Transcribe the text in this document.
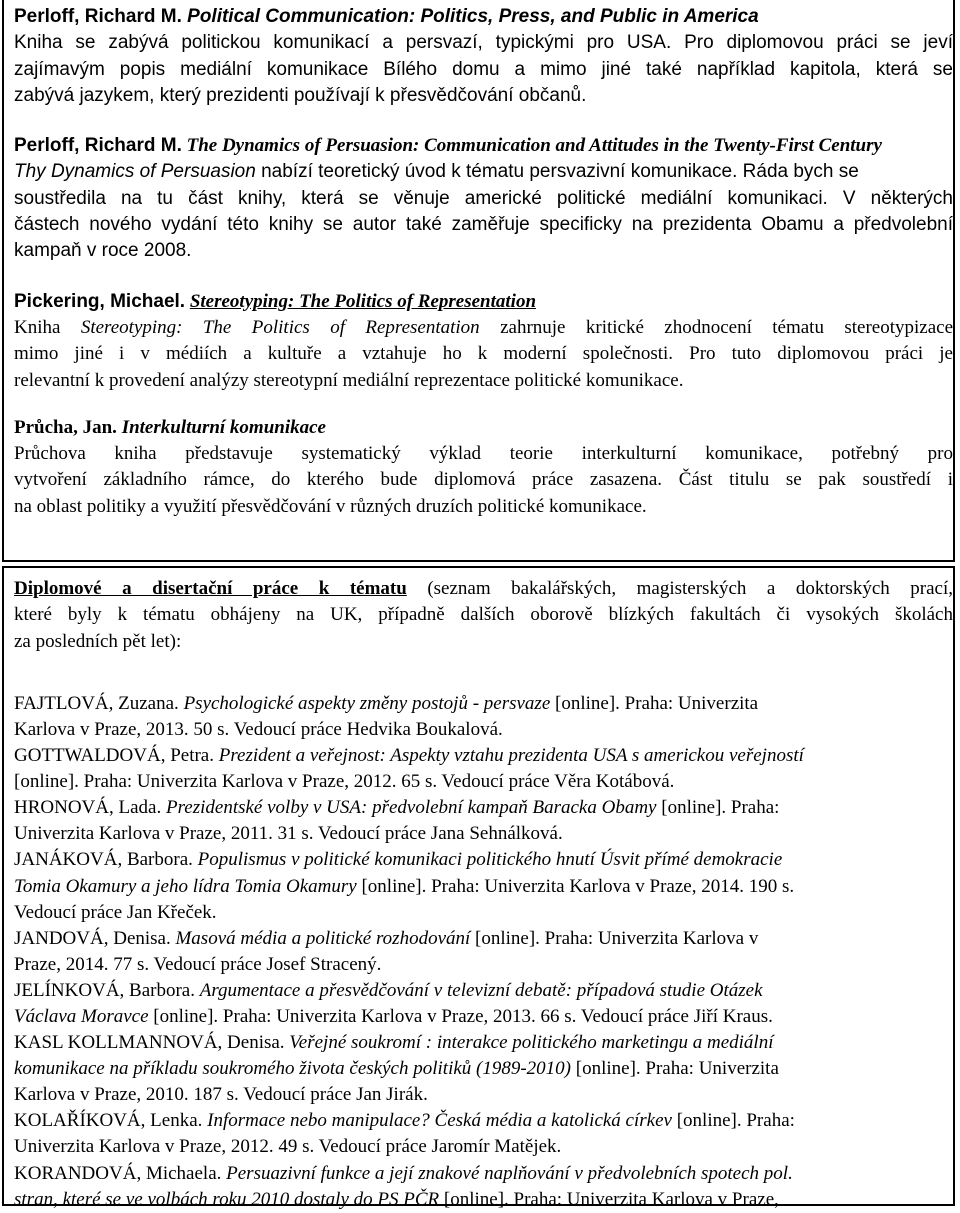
Perloff, Richard M. Political Communication: Politics, Press, and Public in America

Kniha se zabývá politickou komunikací a persvazí, typickými pro USA. Pro diplomovou práci se jeví

zajímavým popis mediální komunikace Bílého domu a mimo jiné také například kapitola, která se

zabývá jazykem, který prezidenti používají k přesvědčování občanů.

Perloff, Richard M. The Dynamics of Persuasion: Communication and Attitudes in the Twenty-First Century

Thy Dynamics of Persuasion nabízí teoretický úvod k tématu persvazivní komunikace. Ráda bych se

soustředila na tu část knihy, která se věnuje americké politické mediální komunikaci. V některých

částech nového vydání této knihy se autor také zaměřuje specificky na prezidenta Obamu a předvolební

kampaň v roce 2008.

Pickering, Michael. Stereotyping: The Politics of Representation

Kniha Stereotyping: The Politics of Representation zahrnuje kritické zhodnocení tématu stereotypizace

mimo jiné i v médiích a kultuře a vztahuje ho k moderní společnosti. Pro tuto diplomovou práci je

relevantní k provedení analýzy stereotypní mediální reprezentace politické komunikace.

Průcha, Jan. Interkulturní komunikace

Průchova kniha představuje systematický výklad teorie interkulturní komunikace, potřebný pro

vytvoření základního rámce, do kterého bude diplomová práce zasazena. Část titulu se pak soustředí i

na oblast politiky a využití přesvědčování v různých druzích politické komunikace.

Diplomové a disertační práce k tématu (seznam bakalářských, magisterských a doktorských prací,

které byly k tématu obhájeny na UK, případně dalších oborově blízkých fakultách či vysokých školách

za posledních pět let):

FAJTLOVÁ, Zuzana. Psychologické aspekty změny postojů - persvaze [online]. Praha: Univerzita
Karlova v Praze, 2013. 50 s. Vedoucí práce Hedvika Boukalová.

GOTTWALDOVÁ, Petra. Prezident a veřejnost: Aspekty vztahu prezidenta USA s americkou veřejností
[online]. Praha: Univerzita Karlova v Praze, 2012. 65 s. Vedoucí práce Věra Kotábová.

HRONOVÁ, Lada. Prezidentské volby v USA: předvolební kampaň Baracka Obamy [online]. Praha:
Univerzita Karlova v Praze, 2011. 31 s. Vedoucí práce Jana Sehnálková.

JANÁKOVÁ, Barbora. Populismus v politické komunikaci politického hnutí Úsvit přímé demokracie
Tomia Okamury a jeho lídra Tomia Okamury [online]. Praha: Univerzita Karlova v Praze, 2014. 190 s.
Vedoucí práce Jan Křeček.

JANDOVÁ, Denisa. Masová média a politické rozhodování [online]. Praha: Univerzita Karlova v
Praze, 2014. 77 s. Vedoucí práce Josef Stracený.

JELÍNKOVÁ, Barbora. Argumentace a přesvědčování v televizní debatě: případová studie Otázek
Václava Moravce [online]. Praha: Univerzita Karlova v Praze, 2013. 66 s. Vedoucí práce Jiří Kraus.

KASL KOLLMANNOVÁ, Denisa. Veřejné soukromí : interakce politického marketingu a mediální
komunikace na příkladu soukromého života českých politiků (1989-2010) [online]. Praha: Univerzita
Karlova v Praze, 2010. 187 s. Vedoucí práce Jan Jirák.

KOLAŘÍKOVÁ, Lenka. Informace nebo manipulace? Česká média a katolická církev [online]. Praha:
Univerzita Karlova v Praze, 2012. 49 s. Vedoucí práce Jaromír Matějek.

KORANDOVÁ, Michaela. Persuazivní funkce a její znakové naplňování v předvolebních spotech pol.
stran, které se ve volbách roku 2010 dostaly do PS PČR [online]. Praha: Univerzita Karlova v Praze,
